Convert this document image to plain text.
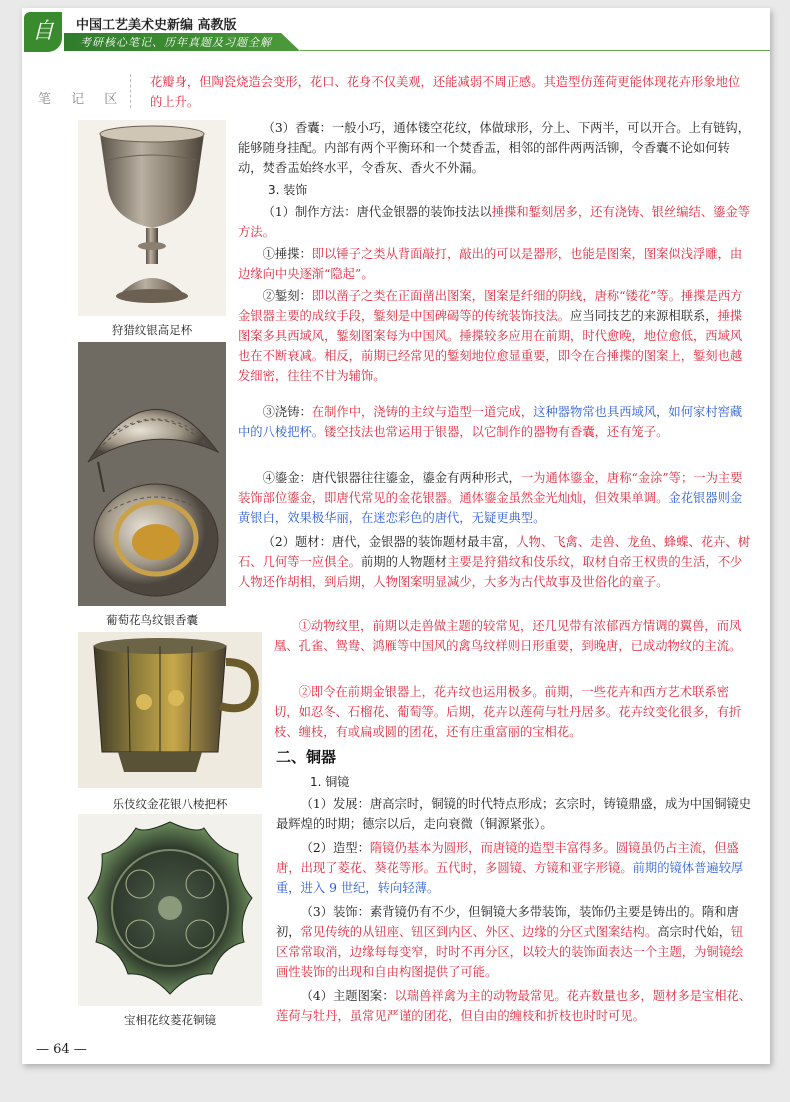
自	中国工艺美术史新编 高教版
考研核心笔记、历年真题及习题全解
笔 记 区
狩猎纹银高足杯
葡萄花鸟纹银香囊
乐伎纹金花银八棱把杯
宝相花纹菱花铜镜

花瓣身，但陶瓷烧造会变形，花口、花身不仅美观，还能减弱不周正感。其造型仿莲荷更能体现花卉形象地位的上升。

（3）香囊：一般小巧，通体镂空花纹，体做球形，分上、下两半，可以开合。上有链钩，能够随身挂配。内部有两个平衡环和一个焚香盂，相邻的部件两两活铆，令香囊不论如何转动，焚香盂始终水平，令香灰、香火不外漏。

3. 装饰

（1）制作方法：唐代金银器的装饰技法以捶揲和錾刻居多，还有浇铸、银丝编结、鎏金等方法。

①捶揲：即以锤子之类从背面敲打，敲出的可以是器形，也能是图案，图案似浅浮雕，由边缘向中央逐渐“隐起”。

②錾刻：即以凿子之类在正面凿出图案，图案是纤细的阴线，唐称“镂花”等。捶揲是西方金银器主要的成纹手段，錾刻是中国碑碣等的传统装饰技法。应当同技艺的来源相联系，捶揲图案多具西域风，錾刻图案每为中国风。捶揲较多应用在前期，时代愈晚，地位愈低，西域风也在不断衰减。相反，前期已经常见的錾刻地位愈显重要，即令在合捶揲的图案上，錾刻也越发细密，往往不甘为辅饰。

③浇铸：在制作中，浇铸的主纹与造型一道完成，这种器物常也具西域风，如何家村窖藏中的八棱把杯。镂空技法也常运用于银器，以它制作的器物有香囊，还有笼子。

④鎏金：唐代银器往往鎏金，鎏金有两种形式，一为通体鎏金，唐称“金涂”等；一为主要装饰部位鎏金，即唐代常见的金花银器。通体鎏金虽然金光灿灿，但效果单调。金花银器则金黄银白，效果极华丽，在迷恋彩色的唐代，无疑更典型。

（2）题材：唐代，金银器的装饰题材最丰富，人物、飞禽、走兽、龙鱼、蜂蝶、花卉、树石、几何等一应俱全。前期的人物题材主要是狩猎纹和伎乐纹，取材自帝王权贵的生活，不少人物还作胡相，到后期，人物图案明显减少，大多为古代故事及世俗化的童子。

①动物纹里，前期以走兽做主题的较常见，还几见带有浓郁西方情调的翼兽，而凤凰、孔雀、鸳鸯、鸿雁等中国风的禽鸟纹样则日形重要，到晚唐，已成动物纹的主流。

②即令在前期金银器上，花卉纹也运用极多。前期，一些花卉和西方艺术联系密切，如忍冬、石榴花、葡萄等。后期，花卉以莲荷与牡丹居多。花卉纹变化很多，有折枝、缠枝，有或扁或圆的团花，还有庄重富丽的宝相花。

二、铜器
1. 铜镜

（1）发展：唐高宗时，铜镜的时代特点形成；玄宗时，铸镜鼎盛，成为中国铜镜史最辉煌的时期；德宗以后，走向衰微（铜源紧张）。

（2）造型：隋镜仍基本为圆形，而唐镜的造型丰富得多。圆镜虽仍占主流，但盛唐，出现了菱花、葵花等形。五代时，多圆镜、方镜和亚字形镜。前期的镜体普遍较厚重，进入 9 世纪，转向轻薄。

（3）装饰：素背镜仍有不少，但铜镜大多带装饰，装饰仍主要是铸出的。隋和唐初，常见传统的从钮座、钮区到内区、外区、边缘的分区式图案结构。高宗时代始，钮区常常取消，边缘每每变窄，时时不再分区，以较大的装饰面表达一个主题，为铜镜绘画性装饰的出现和自由构图提供了可能。

（4）主题图案：以瑞兽祥禽为主的动物最常见。花卉数量也多，题材多是宝相花、莲荷与牡丹，虽常见严谨的团花，但自由的缠枝和折枝也时时可见。

— 64 —
